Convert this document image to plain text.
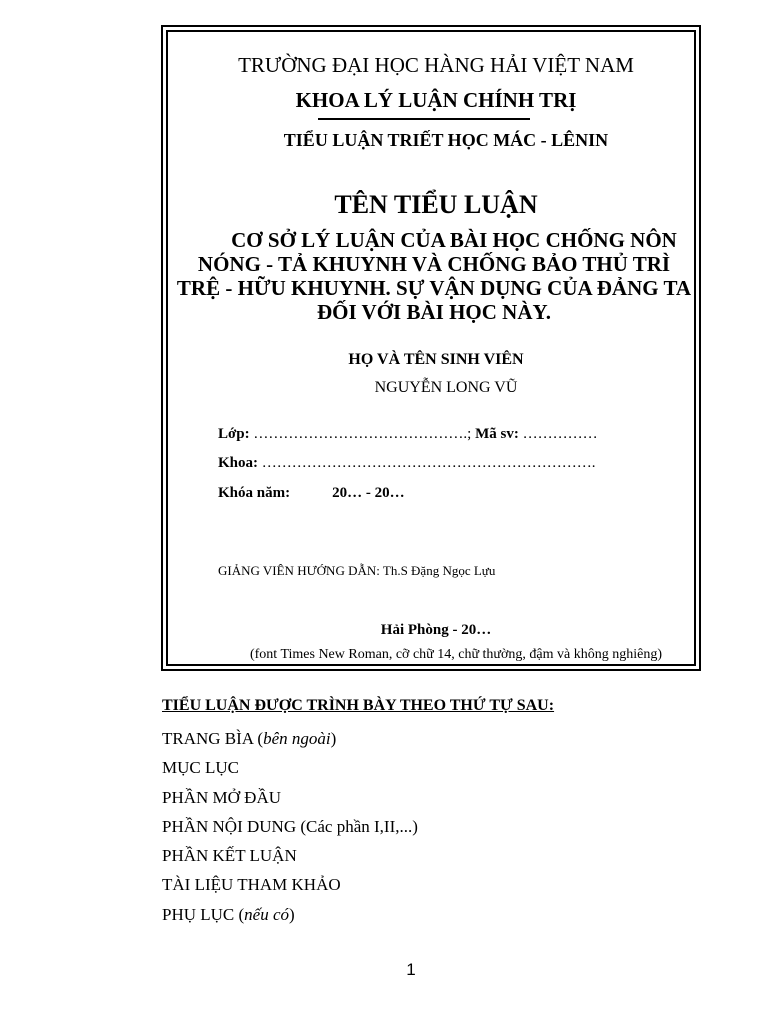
TRƯỜNG ĐẠI HỌC HÀNG HẢI VIỆT NAM
KHOA LÝ LUẬN CHÍNH TRỊ
TIỂU LUẬN TRIẾT HỌC MÁC - LÊNIN
TÊN TIỂU LUẬN
CƠ SỞ LÝ LUẬN CỦA BÀI HỌC CHỐNG NÔN NÓNG - TẢ KHUYNH VÀ CHỐNG BẢO THỦ TRÌ TRỆ - HỮU KHUYNH. SỰ VẬN DỤNG CỦA ĐẢNG TA ĐỐI VỚI BÀI HỌC NÀY.
HỌ VÀ TÊN SINH VIÊN
NGUYỄN LONG VŨ
Lớp: …………………………………….; Mã sv: ……………
Khoa: ………………………………………………………….
Khóa năm:	20… - 20…
GIẢNG VIÊN HƯỚNG DẪN: Th.S Đặng Ngọc Lựu
Hải Phòng - 20…
(font Times New Roman, cỡ chữ 14, chữ thường, đậm và không nghiêng)
TIỂU LUẬN ĐƯỢC TRÌNH BÀY THEO THỨ TỰ SAU:
TRANG BÌA (bên ngoài)
MỤC LỤC
PHẦN MỞ ĐẦU
PHẦN NỘI DUNG (Các phần I,II,...)
PHẦN KẾT LUẬN
TÀI LIỆU THAM KHẢO
PHỤ LỤC (nếu có)
1
